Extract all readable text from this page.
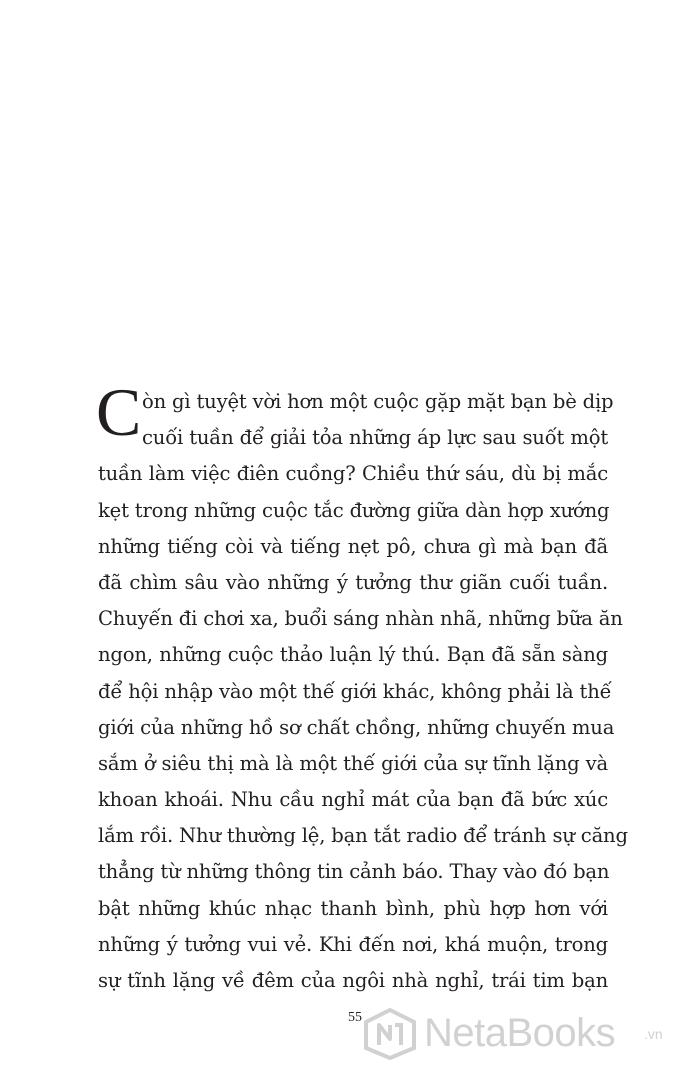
C òn gì tuyệt vời hơn một cuộc gặp mặt bạn bè dịp
cuối tuần để giải tỏa những áp lực sau suốt một
tuần làm việc điên cuồng? Chiều thứ sáu, dù bị mắc
kẹt trong những cuộc tắc đường giữa dàn hợp xướng
những tiếng còi và tiếng nẹt pô, chưa gì mà bạn đã
đã chìm sâu vào những ý tưởng thư giãn cuối tuần.
Chuyến đi chơi xa, buổi sáng nhàn nhã, những bữa ăn
ngon, những cuộc thảo luận lý thú. Bạn đã sẵn sàng
để hội nhập vào một thế giới khác, không phải là thế
giới của những hồ sơ chất chồng, những chuyến mua
sắm ở siêu thị mà là một thế giới của sự tĩnh lặng và
khoan khoái. Nhu cầu nghỉ mát của bạn đã bức xúc
lắm rồi. Như thường lệ, bạn tắt radio để tránh sự căng
thẳng từ những thông tin cảnh báo. Thay vào đó bạn
bật những khúc nhạc thanh bình, phù hợp hơn với
những ý tưởng vui vẻ. Khi đến nơi, khá muộn, trong
sự tĩnh lặng về đêm của ngôi nhà nghỉ, trái tim bạn
55	NetaBooks .vn
